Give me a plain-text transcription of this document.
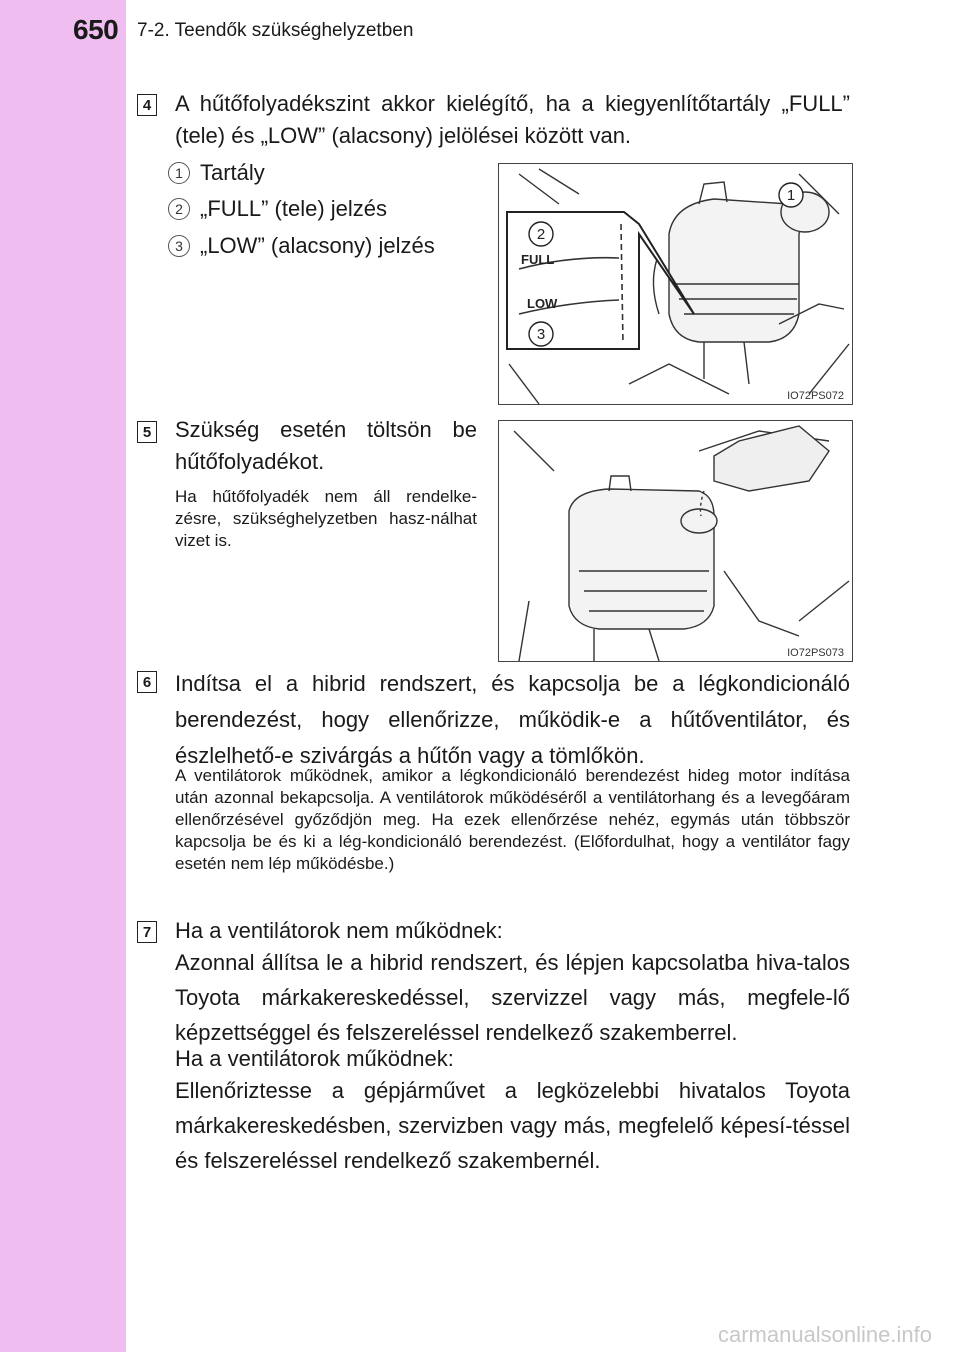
650 7-2. Teendők szükséghelyzetben
4 A hűtőfolyadékszint akkor kielégítő, ha a kiegyenlítőtartály „FULL” (tele) és „LOW” (alacsony) jelölései között van.
1 Tartály
2 „FULL” (tele) jelzés
3 „LOW” (alacsony) jelzés
FULL
LOW
1
2
3
IO72PS072
5 Szükség esetén töltsön be hűtőfolyadékot.
Ha hűtőfolyadék nem áll rendelke-zésre, szükséghelyzetben hasz-nálhat vizet is.
IO72PS073
6 Indítsa el a hibrid rendszert, és kapcsolja be a légkondicionáló berendezést, hogy ellenőrizze, működik-e a hűtőventilátor, és észlelhető-e szivárgás a hűtőn vagy a tömlőkön.
A ventilátorok működnek, amikor a légkondicionáló berendezést hideg motor indítása után azonnal bekapcsolja. A ventilátorok működéséről a ventilátorhang és a levegőáram ellenőrzésével győződjön meg. Ha ezek ellenőrzése nehéz, egymás után többször kapcsolja be és ki a lég-kondicionáló berendezést. (Előfordulhat, hogy a ventilátor fagy esetén nem lép működésbe.)
7 Ha a ventilátorok nem működnek:
Azonnal állítsa le a hibrid rendszert, és lépjen kapcsolatba hiva-talos Toyota márkakereskedéssel, szervizzel vagy más, megfele-lő képzettséggel és felszereléssel rendelkező szakemberrel.
Ha a ventilátorok működnek:
Ellenőriztesse a gépjárművet a legközelebbi hivatalos Toyota márkakereskedésben, szervizben vagy más, megfelelő képesí-téssel és felszereléssel rendelkező szakembernél.
carmanualsonline.info
